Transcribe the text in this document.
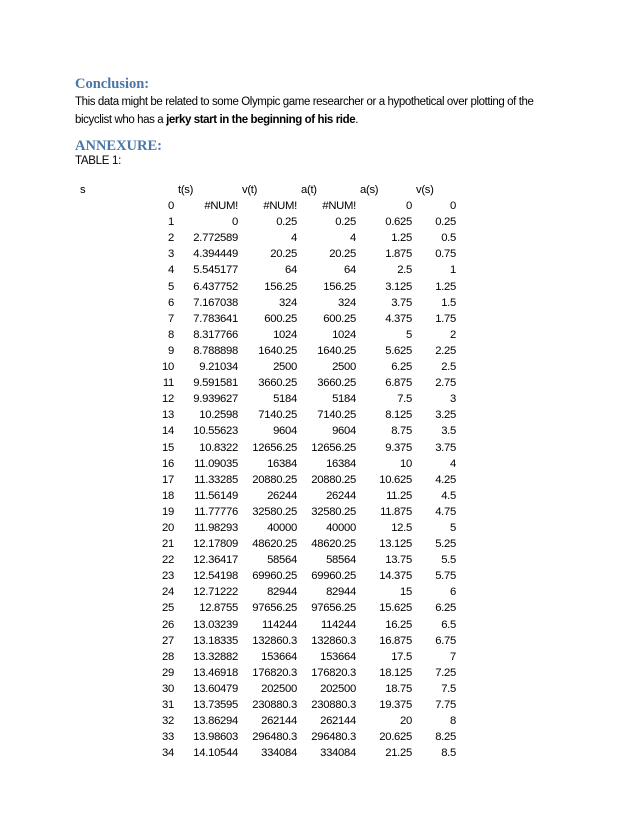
Conclusion:

This data might be related to some Olympic game researcher or a hypothetical over plotting of the bicyclist who has a jerky start in the beginning of his ride.

ANNEXURE:

TABLE 1:

s		t(s)	v(t)	a(t)	a(s)	v(s)
	0	#NUM!	#NUM!	#NUM!	0	0
	1	0	0.25	0.25	0.625	0.25
	2	2.772589	4	4	1.25	0.5
	3	4.394449	20.25	20.25	1.875	0.75
	4	5.545177	64	64	2.5	1
	5	6.437752	156.25	156.25	3.125	1.25
	6	7.167038	324	324	3.75	1.5
	7	7.783641	600.25	600.25	4.375	1.75
	8	8.317766	1024	1024	5	2
	9	8.788898	1640.25	1640.25	5.625	2.25
	10	9.21034	2500	2500	6.25	2.5
	11	9.591581	3660.25	3660.25	6.875	2.75
	12	9.939627	5184	5184	7.5	3
	13	10.2598	7140.25	7140.25	8.125	3.25
	14	10.55623	9604	9604	8.75	3.5
	15	10.8322	12656.25	12656.25	9.375	3.75
	16	11.09035	16384	16384	10	4
	17	11.33285	20880.25	20880.25	10.625	4.25
	18	11.56149	26244	26244	11.25	4.5
	19	11.77776	32580.25	32580.25	11.875	4.75
	20	11.98293	40000	40000	12.5	5
	21	12.17809	48620.25	48620.25	13.125	5.25
	22	12.36417	58564	58564	13.75	5.5
	23	12.54198	69960.25	69960.25	14.375	5.75
	24	12.71222	82944	82944	15	6
	25	12.8755	97656.25	97656.25	15.625	6.25
	26	13.03239	114244	114244	16.25	6.5
	27	13.18335	132860.3	132860.3	16.875	6.75
	28	13.32882	153664	153664	17.5	7
	29	13.46918	176820.3	176820.3	18.125	7.25
	30	13.60479	202500	202500	18.75	7.5
	31	13.73595	230880.3	230880.3	19.375	7.75
	32	13.86294	262144	262144	20	8
	33	13.98603	296480.3	296480.3	20.625	8.25
	34	14.10544	334084	334084	21.25	8.5
